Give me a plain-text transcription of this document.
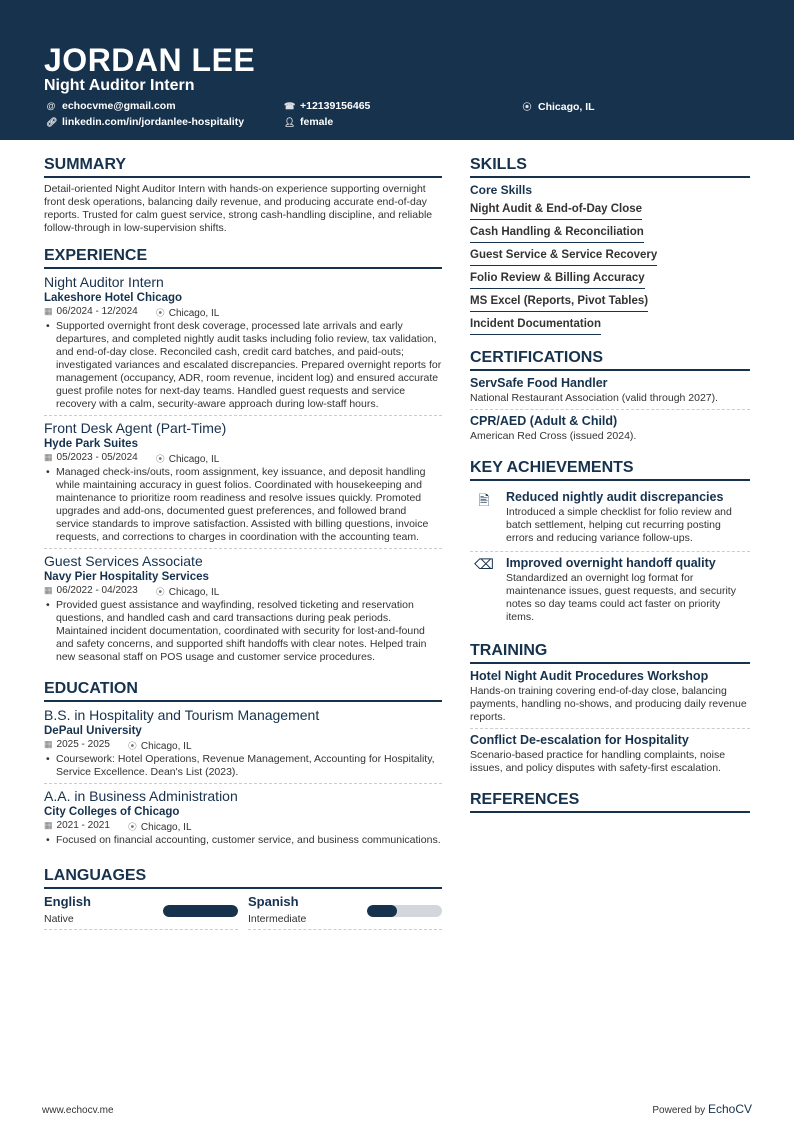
JORDAN LEE
Night Auditor Intern
@ echocvme@gmail.com	☎ +12139156465	⦿ Chicago, IL
🔗︎ linkedin.com/in/jordanlee-hospitality	👤︎ female
SUMMARY

Detail-oriented Night Auditor Intern with hands-on experience supporting overnight front desk operations, balancing daily revenue, and producing accurate end-of-day reports. Trusted for calm guest service, strong cash-handling discipline, and reliable follow-through in low-supervision shifts.

EXPERIENCE
Night Auditor Intern
Lakeshore Hotel Chicago
▦ 06/2024 - 12/2024 ⦿ Chicago, IL
• Supported overnight front desk coverage, processed late arrivals and early departures, and completed nightly audit tasks including folio review, tax validation, and end-of-day close. Reconciled cash, credit card batches, and paid-outs; investigated variances and escalated discrepancies. Prepared overnight reports for management (occupancy, ADR, room revenue, incident log) and ensured accurate guest profile notes for next-day teams. Handled guest requests and service recovery with a calm, security-aware approach during low-staff hours.
Front Desk Agent (Part-Time)
Hyde Park Suites
▦ 05/2023 - 05/2024 ⦿ Chicago, IL
• Managed check-ins/outs, room assignment, key issuance, and deposit handling while maintaining accuracy in guest folios. Coordinated with housekeeping and maintenance to prioritize room readiness and resolve issues quickly. Promoted upgrades and add-ons, documented guest preferences, and followed brand service standards to improve satisfaction. Assisted with billing questions, invoice requests, and corrections to charges in coordination with the accounting team.
Guest Services Associate
Navy Pier Hospitality Services
▦ 06/2022 - 04/2023 ⦿ Chicago, IL
• Provided guest assistance and wayfinding, resolved ticketing and reservation questions, and handled cash and card transactions during peak periods. Maintained incident documentation, coordinated with security for lost-and-found and safety concerns, and supported shift handoffs with clear notes. Helped train new seasonal staff on POS usage and customer service procedures.
EDUCATION
B.S. in Hospitality and Tourism Management
DePaul University
▦ 2025 - 2025 ⦿ Chicago, IL
• Coursework: Hotel Operations, Revenue Management, Accounting for Hospitality, Service Excellence. Dean's List (2023).
A.A. in Business Administration
City Colleges of Chicago
▦ 2021 - 2021 ⦿ Chicago, IL
• Focused on financial accounting, customer service, and business communications.
LANGUAGES
English
Native
Spanish
Intermediate
SKILLS
Core Skills
Night Audit & End-of-Day Close
Cash Handling & Reconciliation
Guest Service & Service Recovery
Folio Review & Billing Accuracy
MS Excel (Reports, Pivot Tables)
Incident Documentation
CERTIFICATIONS
ServSafe Food Handler

National Restaurant Association (valid through 2027).

CPR/AED (Adult & Child)

American Red Cross (issued 2024).

KEY ACHIEVEMENTS
🖹︎	Reduced nightly audit discrepancies

Introduced a simple checklist for folio review and batch settlement, helping cut recurring posting errors and reducing variance follow-ups.

⌫ Improved overnight handoff quality

Standardized an overnight log format for maintenance issues, guest requests, and security notes so day teams could act faster on priority items.

TRAINING
Hotel Night Audit Procedures Workshop

Hands-on training covering end-of-day close, balancing payments, handling no-shows, and producing daily revenue reports.

Conflict De-escalation for Hospitality

Scenario-based practice for handling complaints, noise issues, and policy disputes with safety-first escalation.

REFERENCES
www.echocv.me	Powered by EchoCV
